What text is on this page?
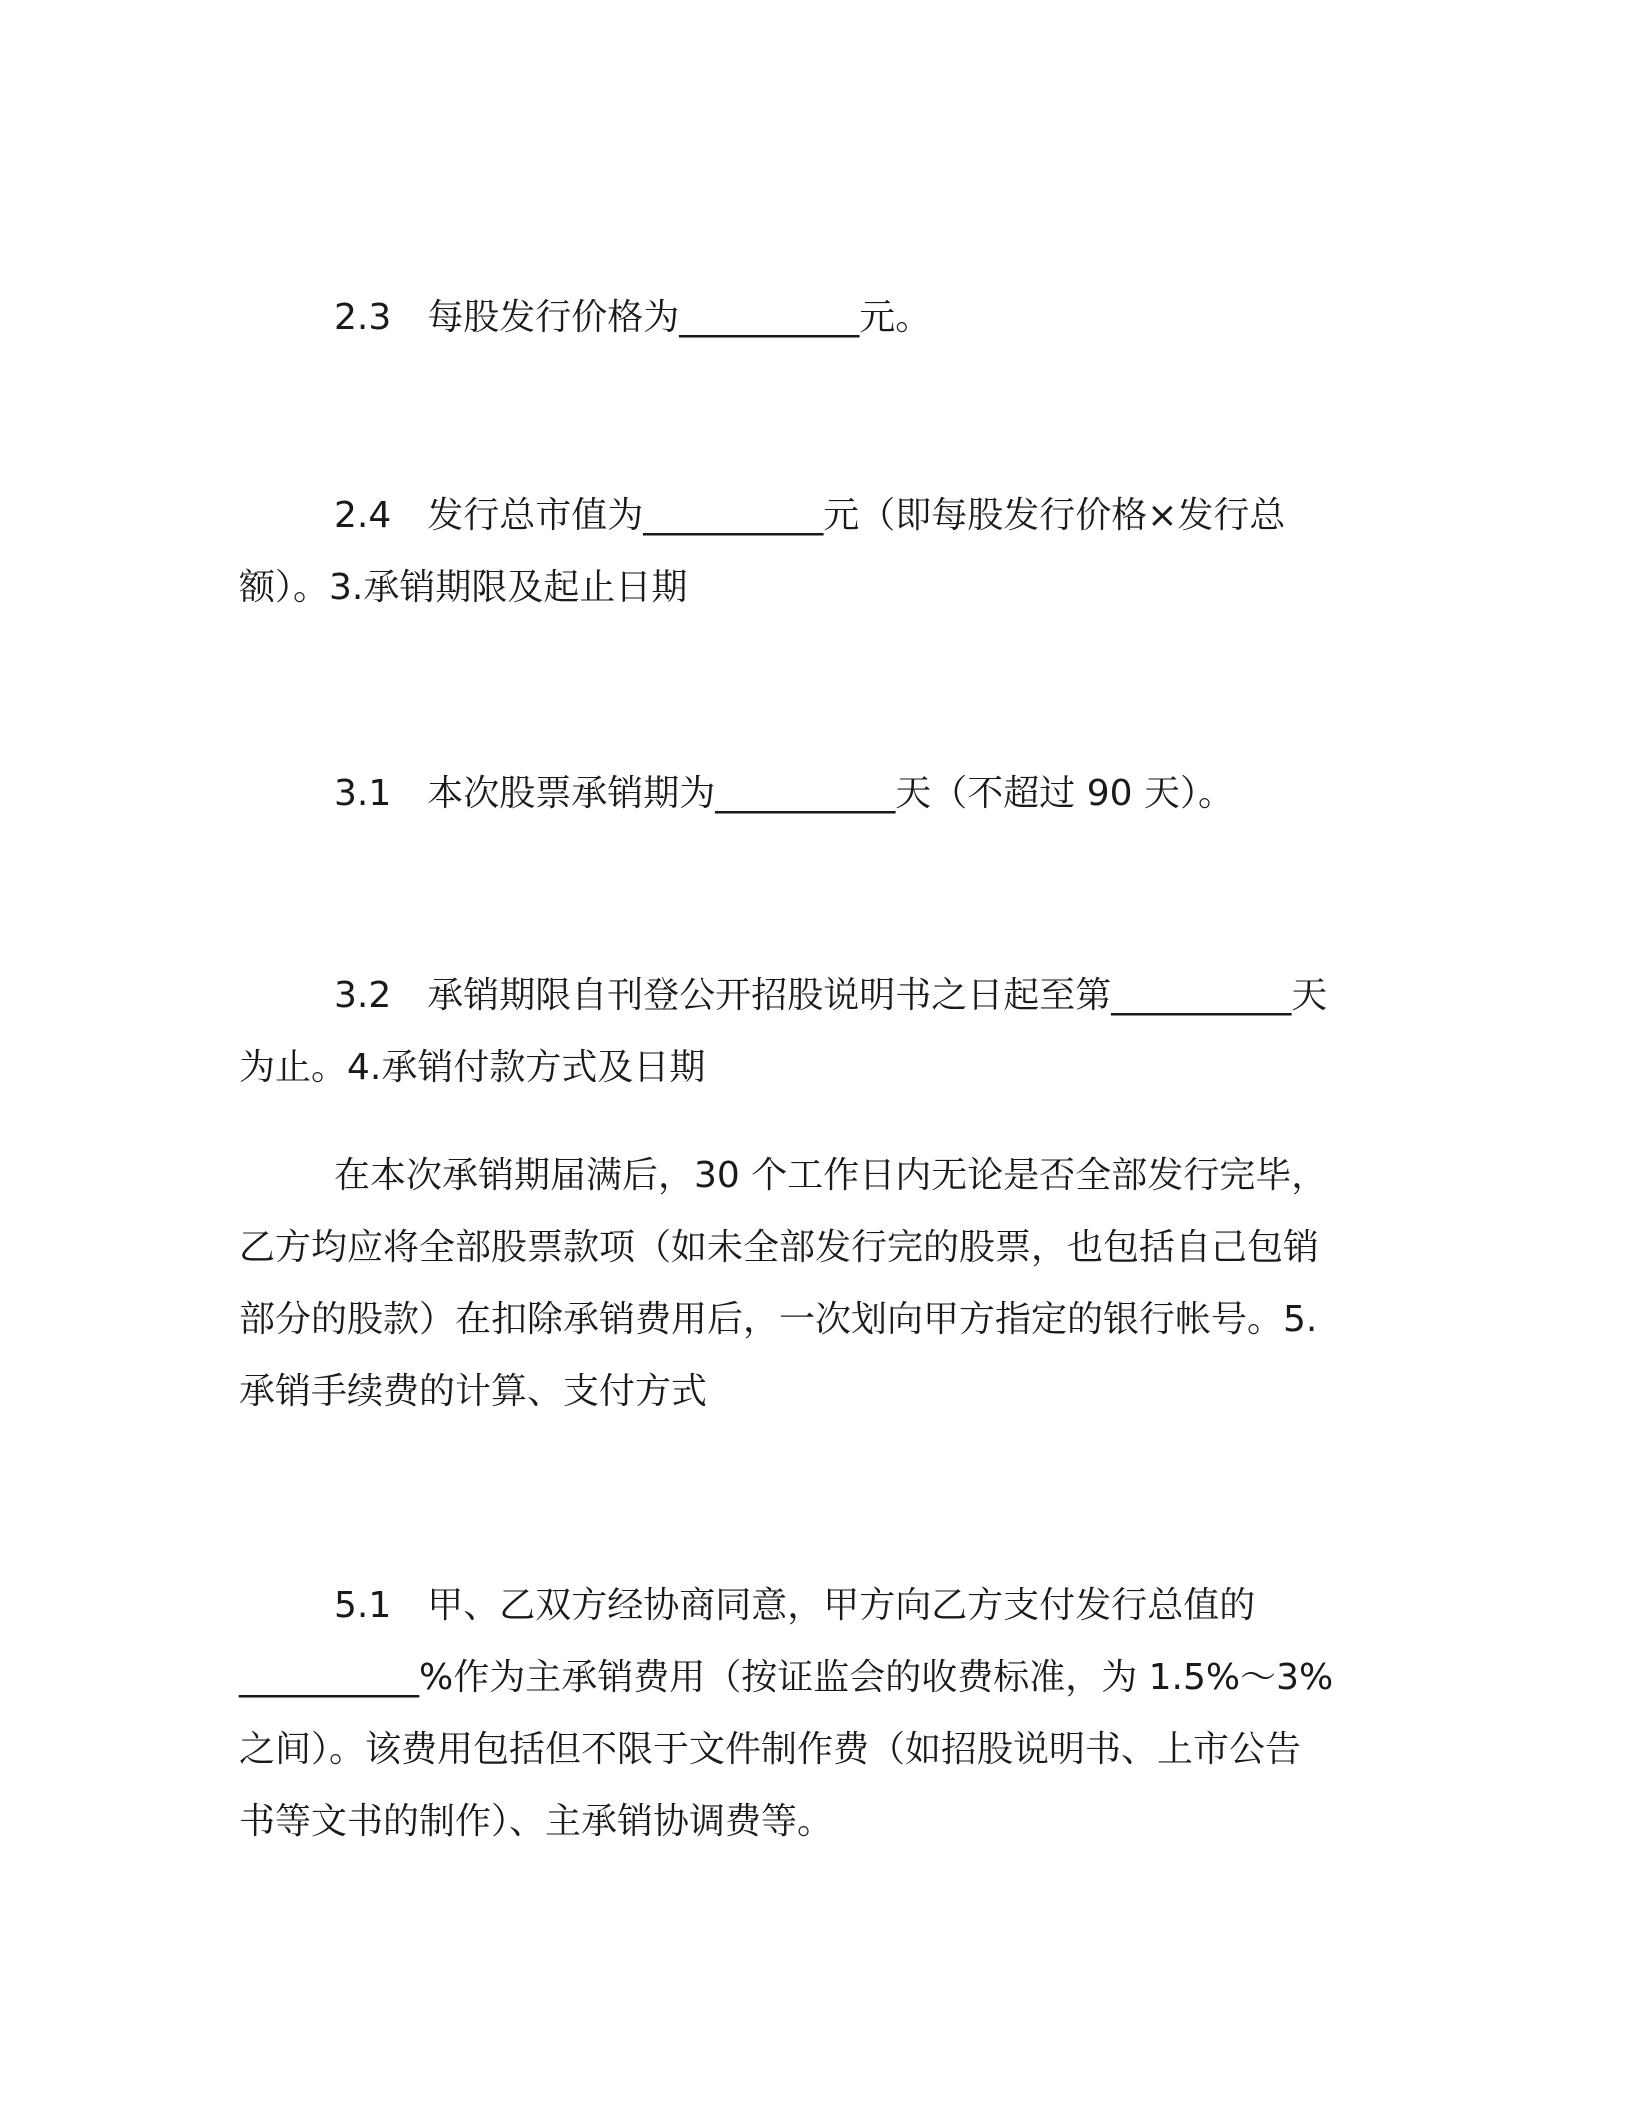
2.3　每股发行价格为__________元。

2.4　发行总市值为__________元（即每股发行价格×发行总
额）。3.承销期限及起止日期

3.1　本次股票承销期为__________天（不超过 90 天）。

3.2　承销期限自刊登公开招股说明书之日起至第__________天
为止。4.承销付款方式及日期

在本次承销期届满后，30 个工作日内无论是否全部发行完毕，
乙方均应将全部股票款项（如未全部发行完的股票，也包括自己包销
部分的股款）在扣除承销费用后，一次划向甲方指定的银行帐号。5.
承销手续费的计算、支付方式

5.1　甲、乙双方经协商同意，甲方向乙方支付发行总值的
__________%作为主承销费用（按证监会的收费标准，为 1.5%～3%
之间）。该费用包括但不限于文件制作费（如招股说明书、上市公告
书等文书的制作）、主承销协调费等。
